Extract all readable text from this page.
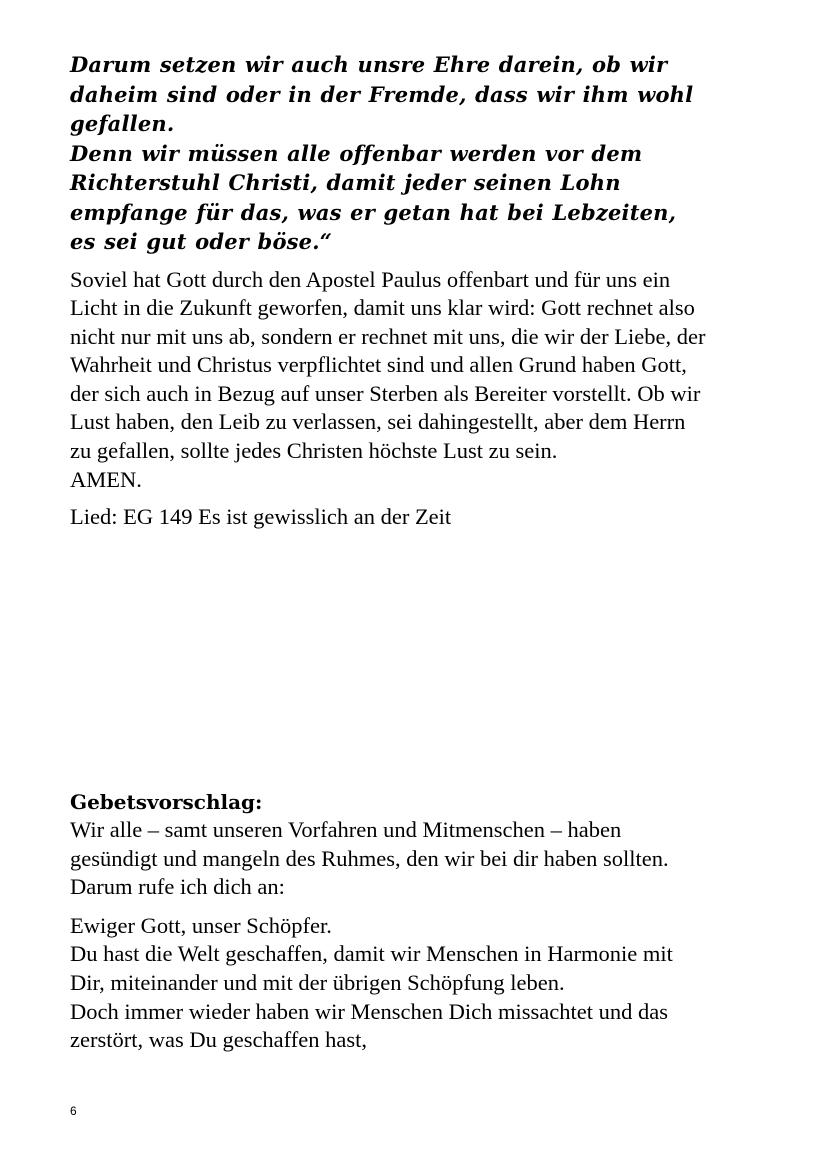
Darum setzen wir auch unsre Ehre darein, ob wir
daheim sind oder in der Fremde, dass wir ihm wohl
gefallen.
Denn wir müssen alle offenbar werden vor dem
Richterstuhl Christi, damit jeder seinen Lohn
empfange für das, was er getan hat bei Lebzeiten,
es sei gut oder böse.“

Soviel hat Gott durch den Apostel Paulus offenbart und für uns ein
Licht in die Zukunft geworfen, damit uns klar wird: Gott rechnet also
nicht nur mit uns ab, sondern er rechnet mit uns, die wir der Liebe, der
Wahrheit und Christus verpflichtet sind und allen Grund haben Gott,
der sich auch in Bezug auf unser Sterben als Bereiter vorstellt. Ob wir
Lust haben, den Leib zu verlassen, sei dahingestellt, aber dem Herrn
zu gefallen, sollte jedes Christen höchste Lust zu sein.
AMEN.

Lied: EG 149 Es ist gewisslich an der Zeit

Gebetsvorschlag:

Wir alle – samt unseren Vorfahren und Mitmenschen – haben
gesündigt und mangeln des Ruhmes, den wir bei dir haben sollten.
Darum rufe ich dich an:

Ewiger Gott, unser Schöpfer.
Du hast die Welt geschaffen, damit wir Menschen in Harmonie mit
Dir, miteinander und mit der übrigen Schöpfung leben.
Doch immer wieder haben wir Menschen Dich missachtet und das
zerstört, was Du geschaffen hast,

6
